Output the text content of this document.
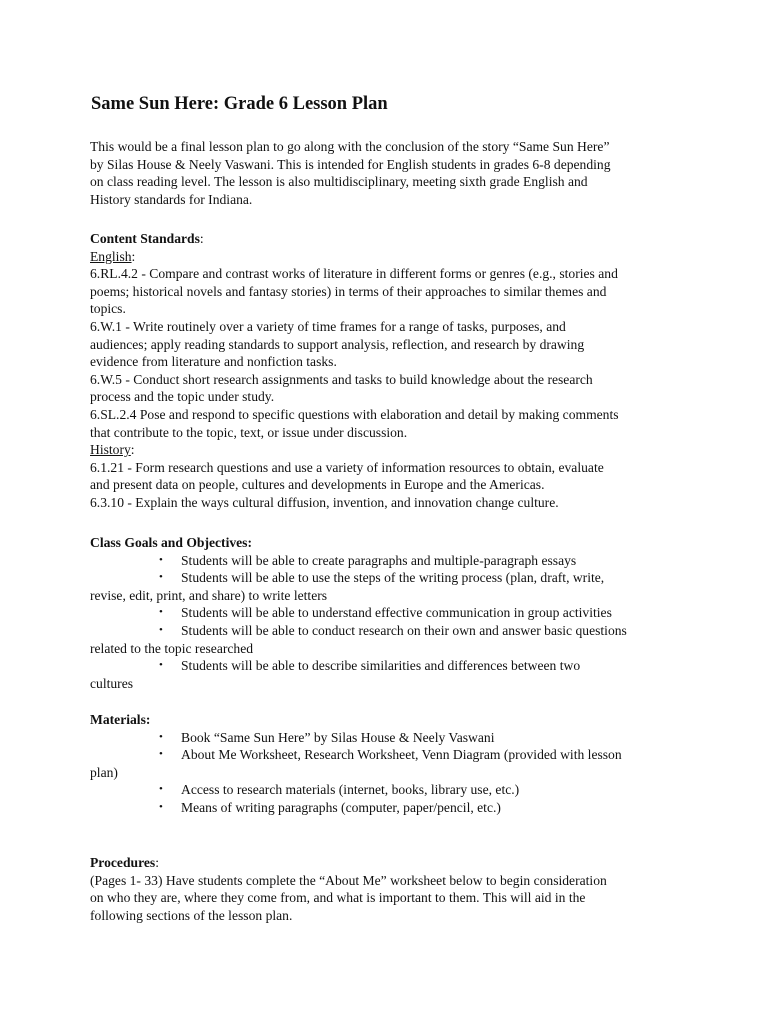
Same Sun Here: Grade 6 Lesson Plan
This would be a final lesson plan to go along with the conclusion of the story “Same Sun Here”
by Silas House & Neely Vaswani. This is intended for English students in grades 6-8 depending
on class reading level. The lesson is also multidisciplinary, meeting sixth grade English and
History standards for Indiana.
Content Standards:
English:
6.RL.4.2 - Compare and contrast works of literature in different forms or genres (e.g., stories and
poems; historical novels and fantasy stories) in terms of their approaches to similar themes and
topics.
6.W.1 - Write routinely over a variety of time frames for a range of tasks, purposes, and
audiences; apply reading standards to support analysis, reflection, and research by drawing
evidence from literature and nonfiction tasks.
6.W.5 - Conduct short research assignments and tasks to build knowledge about the research
process and the topic under study.
6.SL.2.4 Pose and respond to specific questions with elaboration and detail by making comments
that contribute to the topic, text, or issue under discussion.
History:
6.1.21 - Form research questions and use a variety of information resources to obtain, evaluate
and present data on people, cultures and developments in Europe and the Americas.
6.3.10 - Explain the ways cultural diffusion, invention, and innovation change culture.
Class Goals and Objectives:
•	Students will be able to create paragraphs and multiple-paragraph essays
•	Students will be able to use the steps of the writing process (plan, draft, write,
revise, edit, print, and share) to write letters
•	Students will be able to understand effective communication in group activities
•	Students will be able to conduct research on their own and answer basic questions
related to the topic researched
•	Students will be able to describe similarities and differences between two
cultures
Materials:
•	Book “Same Sun Here” by Silas House & Neely Vaswani
•	About Me Worksheet, Research Worksheet, Venn Diagram (provided with lesson
plan)
•	Access to research materials (internet, books, library use, etc.)
•	Means of writing paragraphs (computer, paper/pencil, etc.)
Procedures:
(Pages 1- 33) Have students complete the “About Me” worksheet below to begin consideration
on who they are, where they come from, and what is important to them. This will aid in the
following sections of the lesson plan.
